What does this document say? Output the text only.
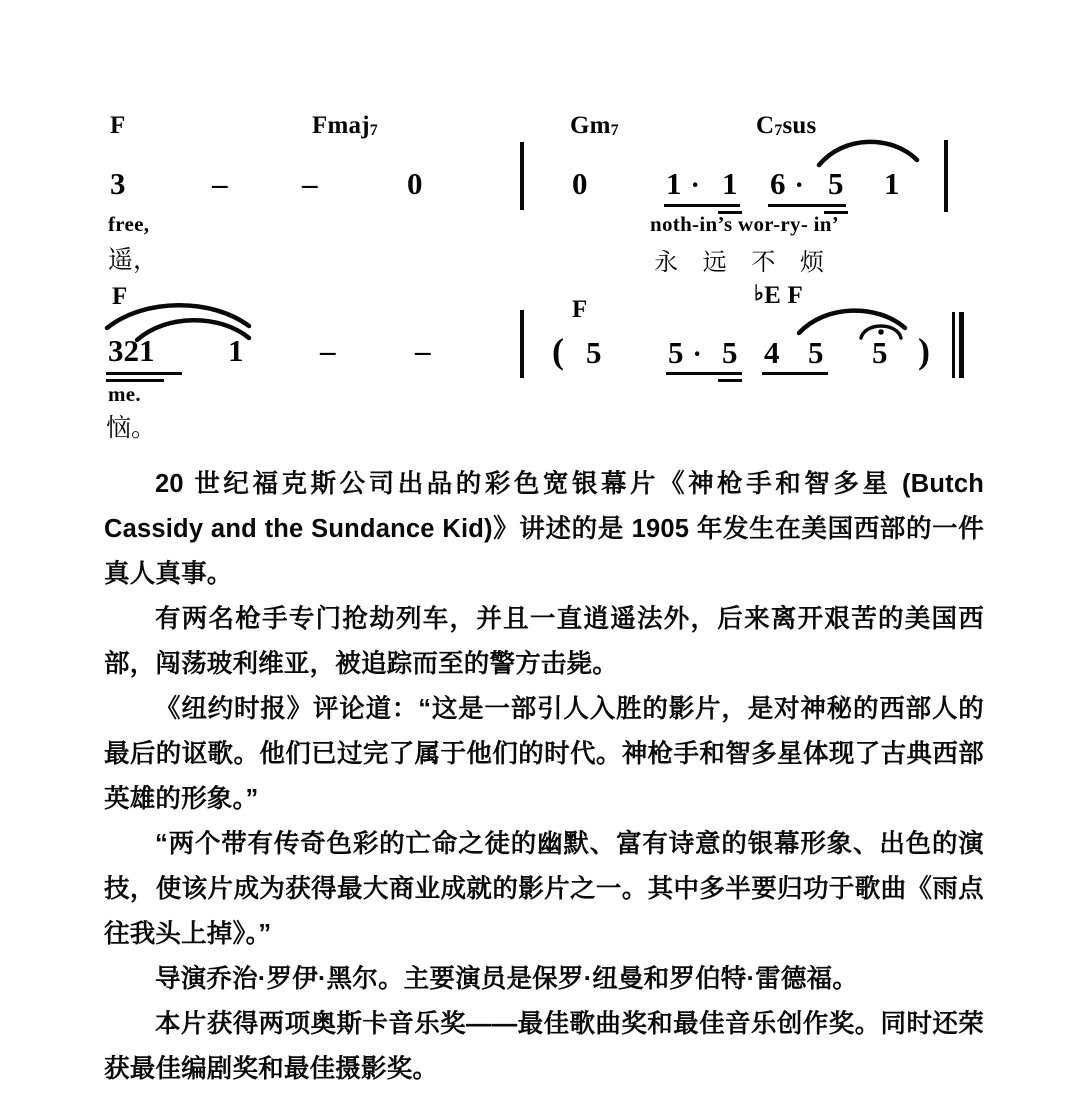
F	Fmaj$_7$	$Gm_7$	$C_7sus$
3	– –	0	0	1 · 1 6 · 5 1
free,
遥，
noth-in’s wor-ry- in’
永 远 不 烦
F	F
♭E F
321 1 –	–	( 5 5 · 5 4 5 5 )
me.
恼。

20 世纪福克斯公司出品的彩色宽银幕片《神枪手和智多星 (Butch Cassidy and the Sundance Kid)》讲述的是 1905 年发生在美国西部的一件真人真事。

有两名枪手专门抢劫列车，并且一直逍遥法外，后来离开艰苦的美国西部，闯荡玻利维亚，被追踪而至的警方击毙。

《纽约时报》评论道：“这是一部引人入胜的影片，是对神秘的西部人的最后的讴歌。他们已过完了属于他们的时代。神枪手和智多星体现了古典西部英雄的形象。”

“两个带有传奇色彩的亡命之徒的幽默、富有诗意的银幕形象、出色的演技，使该片成为获得最大商业成就的影片之一。其中多半要归功于歌曲《雨点往我头上掉》。”

导演乔治·罗伊·黑尔。主要演员是保罗·纽曼和罗伯特·雷德福。

本片获得两项奥斯卡音乐奖——最佳歌曲奖和最佳音乐创作奖。同时还荣获最佳编剧奖和最佳摄影奖。
